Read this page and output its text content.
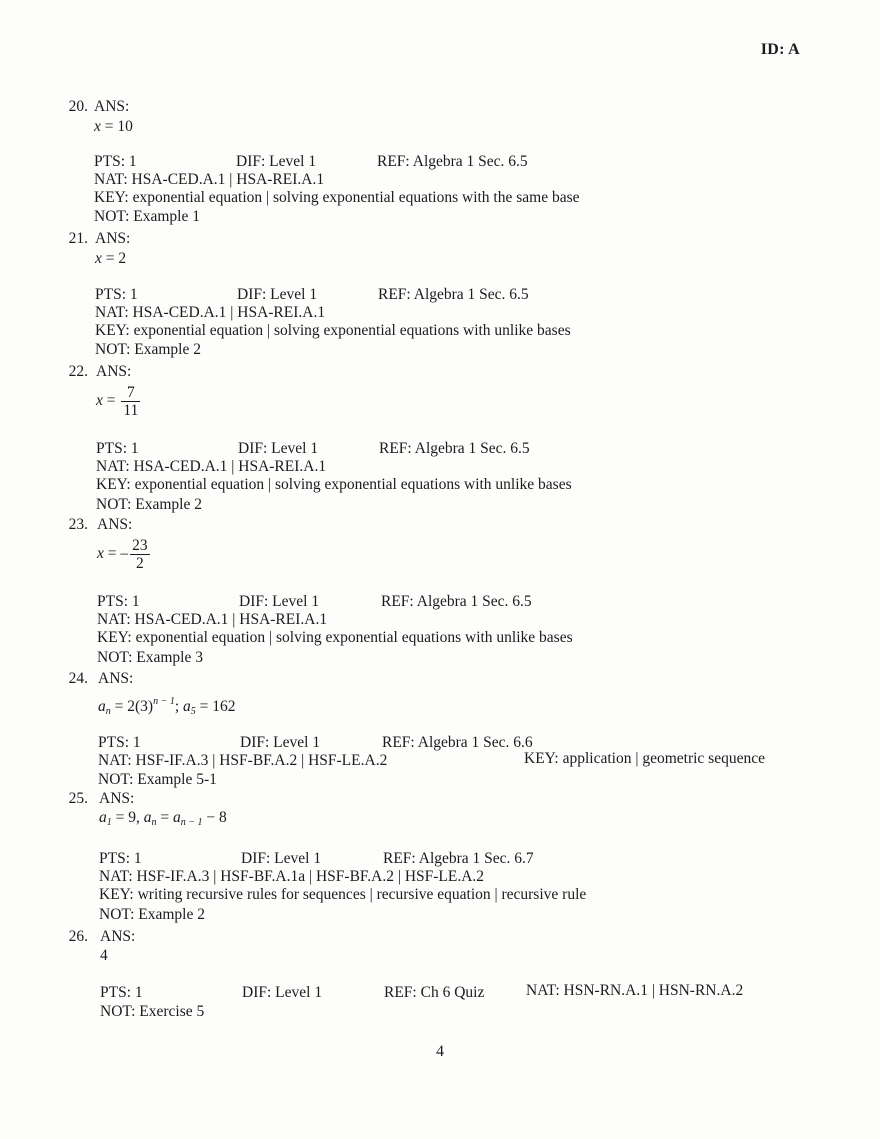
ID: A
20. ANS:
x = 10
PTS: 1	DIF: Level 1	REF: Algebra 1 Sec. 6.5
NAT: HSA-CED.A.1 | HSA-REI.A.1
KEY: exponential equation | solving exponential equations with the same base
NOT: Example 1
21. ANS:
x = 2
PTS: 1	DIF: Level 1	REF: Algebra 1 Sec. 6.5
NAT: HSA-CED.A.1 | HSA-REI.A.1
KEY: exponential equation | solving exponential equations with unlike bases
NOT: Example 2
22. ANS:
$x = \frac{7}{11}$
PTS: 1	DIF: Level 1	REF: Algebra 1 Sec. 6.5
NAT: HSA-CED.A.1 | HSA-REI.A.1
KEY: exponential equation | solving exponential equations with unlike bases
NOT: Example 2
23. ANS:
x = – $\frac{23}{2}$
PTS: 1	DIF: Level 1	REF: Algebra 1 Sec. 6.5
NAT: HSA-CED.A.1 | HSA-REI.A.1
KEY: exponential equation | solving exponential equations with unlike bases
NOT: Example 3
24. ANS:
$a_n = 2(3)^{n - 1}$; $a_5 = 162$
PTS: 1	DIF: Level 1	REF: Algebra 1 Sec. 6.6
NAT: HSF-IF.A.3 | HSF-BF.A.2 | HSF-LE.A.2	KEY: application | geometric sequence
NOT: Example 5-1
25. ANS:
$a_1 = 9$, $a_n = a_{n - 1} - 8$
PTS: 1	DIF: Level 1	REF: Algebra 1 Sec. 6.7
NAT: HSF-IF.A.3 | HSF-BF.A.1a | HSF-BF.A.2 | HSF-LE.A.2
KEY: writing recursive rules for sequences | recursive equation | recursive rule
NOT: Example 2
26. ANS:
4
PTS: 1	DIF: Level 1	REF: Ch 6 Quiz	NAT: HSN-RN.A.1 | HSN-RN.A.2
NOT: Exercise 5
4
